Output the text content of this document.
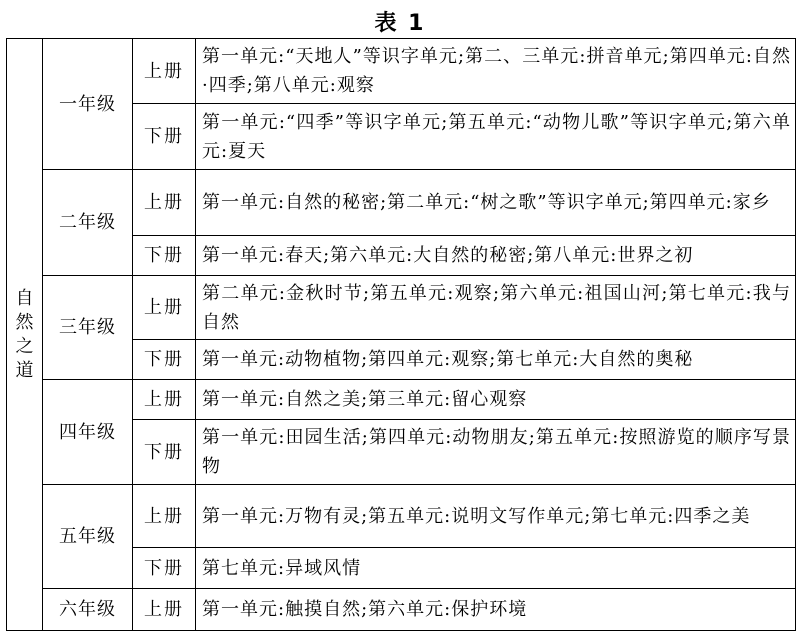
表 1
自然之道	一年级	上册	第一单元:“天地人”等识字单元;第二、三单元:拼音单元;第四单元:自然·四季;第八单元:观察
		下册	第一单元:“四季”等识字单元;第五单元:“动物儿歌”等识字单元;第六单元:夏天
	二年级	上册	第一单元:自然的秘密;第二单元:“树之歌”等识字单元;第四单元:家乡
		下册	第一单元:春天;第六单元:大自然的秘密;第八单元:世界之初
	三年级	上册	第二单元:金秋时节;第五单元:观察;第六单元:祖国山河;第七单元:我与自然
		下册	第一单元:动物植物;第四单元:观察;第七单元:大自然的奥秘
	四年级	上册	第一单元:自然之美;第三单元:留心观察
		下册	第一单元:田园生活;第四单元:动物朋友;第五单元:按照游览的顺序写景物
	五年级	上册	第一单元:万物有灵;第五单元:说明文写作单元;第七单元:四季之美
		下册	第七单元:异域风情
	六年级	上册	第一单元:触摸自然;第六单元:保护环境
